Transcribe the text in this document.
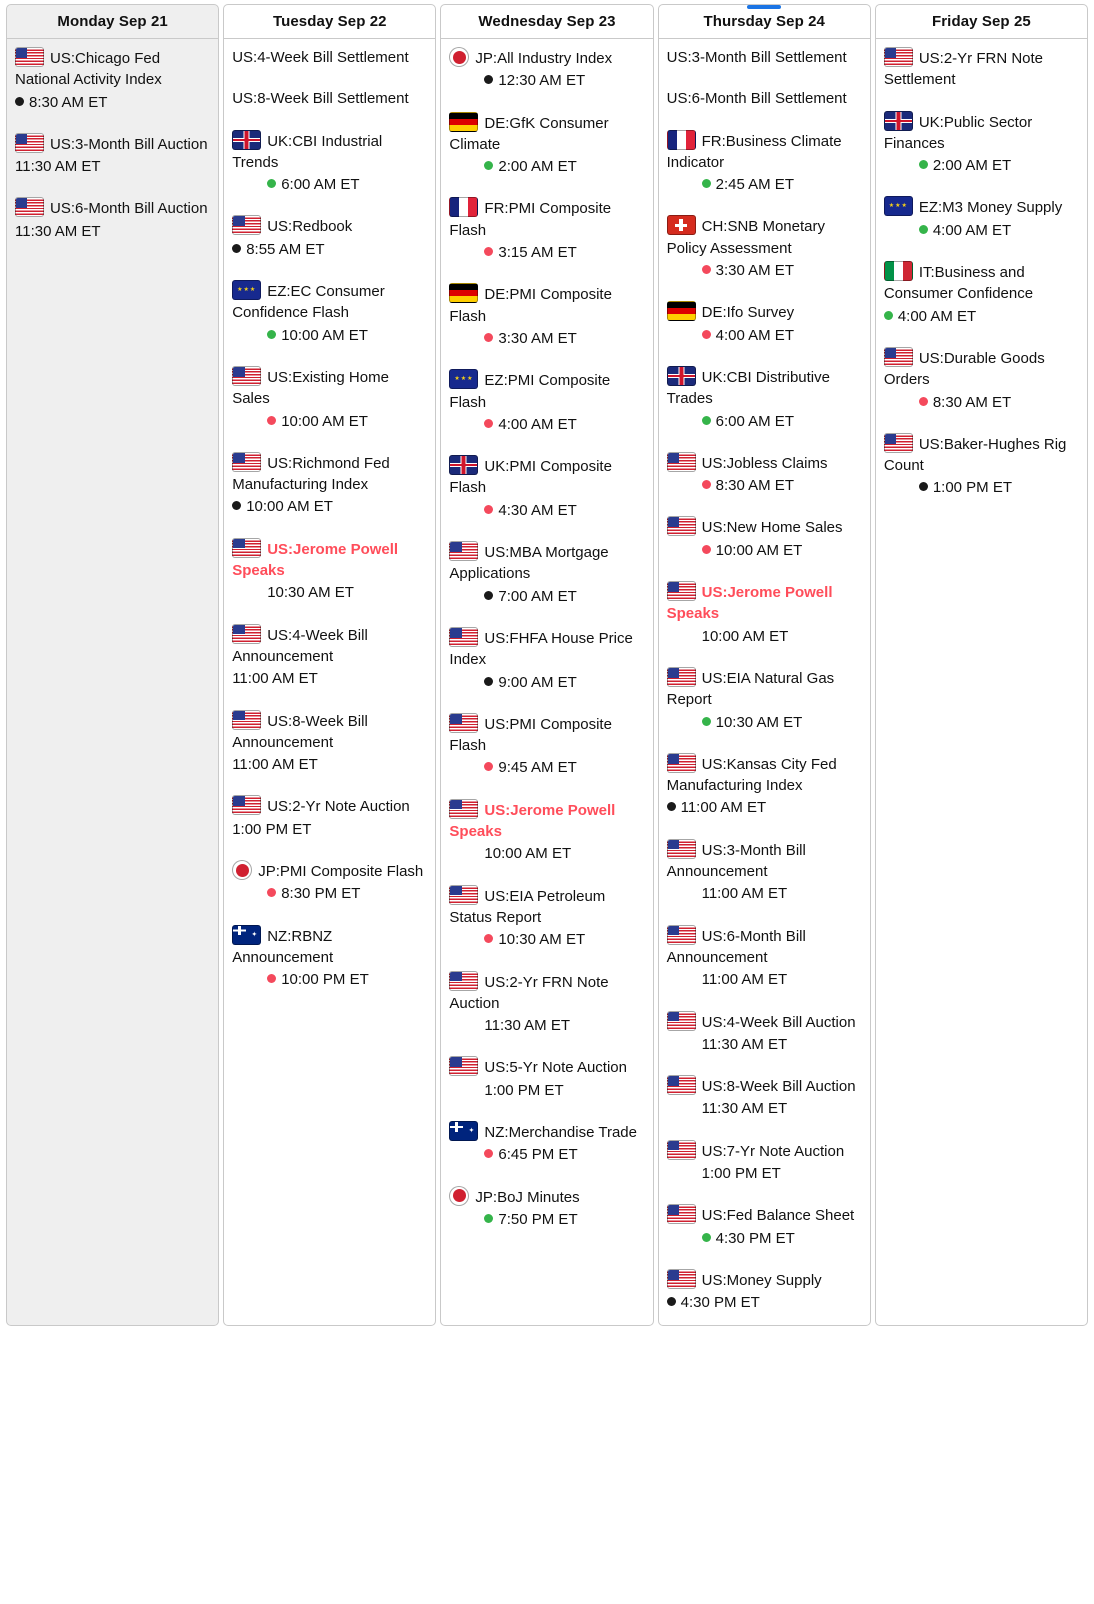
Monday Sep 21
US:Chicago Fed National Activity Index
8:30 AM ET
US:3-Month Bill Auction
11:30 AM ET
US:6-Month Bill Auction
11:30 AM ET
Tuesday Sep 22
US:4-Week Bill Settlement
US:8-Week Bill Settlement
UK:CBI Industrial Trends
6:00 AM ET
US:Redbook
8:55 AM ET
★★★EZ:EC Consumer Confidence Flash
10:00 AM ET
US:Existing Home Sales
10:00 AM ET
US:Richmond Fed Manufacturing Index
10:00 AM ET
US:Jerome Powell Speaks
10:30 AM ET
US:4-Week Bill Announcement
11:00 AM ET
US:8-Week Bill Announcement
11:00 AM ET
US:2-Yr Note Auction
1:00 PM ET
JP:PMI Composite Flash
8:30 PM ET
✦NZ:RBNZ Announcement
10:00 PM ET
Wednesday Sep 23
JP:All Industry Index
12:30 AM ET
DE:GfK Consumer Climate
2:00 AM ET
FR:PMI Composite Flash
3:15 AM ET
DE:PMI Composite Flash
3:30 AM ET
★★★EZ:PMI Composite Flash
4:00 AM ET
UK:PMI Composite Flash
4:30 AM ET
US:MBA Mortgage Applications
7:00 AM ET
US:FHFA House Price Index
9:00 AM ET
US:PMI Composite Flash
9:45 AM ET
US:Jerome Powell Speaks
10:00 AM ET
US:EIA Petroleum Status Report
10:30 AM ET
US:2-Yr FRN Note Auction
11:30 AM ET
US:5-Yr Note Auction
1:00 PM ET
✦NZ:Merchandise Trade
6:45 PM ET
JP:BoJ Minutes
7:50 PM ET
Thursday Sep 24
US:3-Month Bill Settlement
US:6-Month Bill Settlement
FR:Business Climate Indicator
2:45 AM ET
CH:SNB Monetary Policy Assessment
3:30 AM ET
DE:Ifo Survey
4:00 AM ET
UK:CBI Distributive Trades
6:00 AM ET
US:Jobless Claims
8:30 AM ET
US:New Home Sales
10:00 AM ET
US:Jerome Powell Speaks
10:00 AM ET
US:EIA Natural Gas Report
10:30 AM ET
US:Kansas City Fed Manufacturing Index
11:00 AM ET
US:3-Month Bill Announcement
11:00 AM ET
US:6-Month Bill Announcement
11:00 AM ET
US:4-Week Bill Auction
11:30 AM ET
US:8-Week Bill Auction
11:30 AM ET
US:7-Yr Note Auction
1:00 PM ET
US:Fed Balance Sheet
4:30 PM ET
US:Money Supply
4:30 PM ET
Friday Sep 25
US:2-Yr FRN Note Settlement
UK:Public Sector Finances
2:00 AM ET
★★★EZ:M3 Money Supply
4:00 AM ET
IT:Business and Consumer Confidence
4:00 AM ET
US:Durable Goods Orders
8:30 AM ET
US:Baker-Hughes Rig Count
1:00 PM ET
